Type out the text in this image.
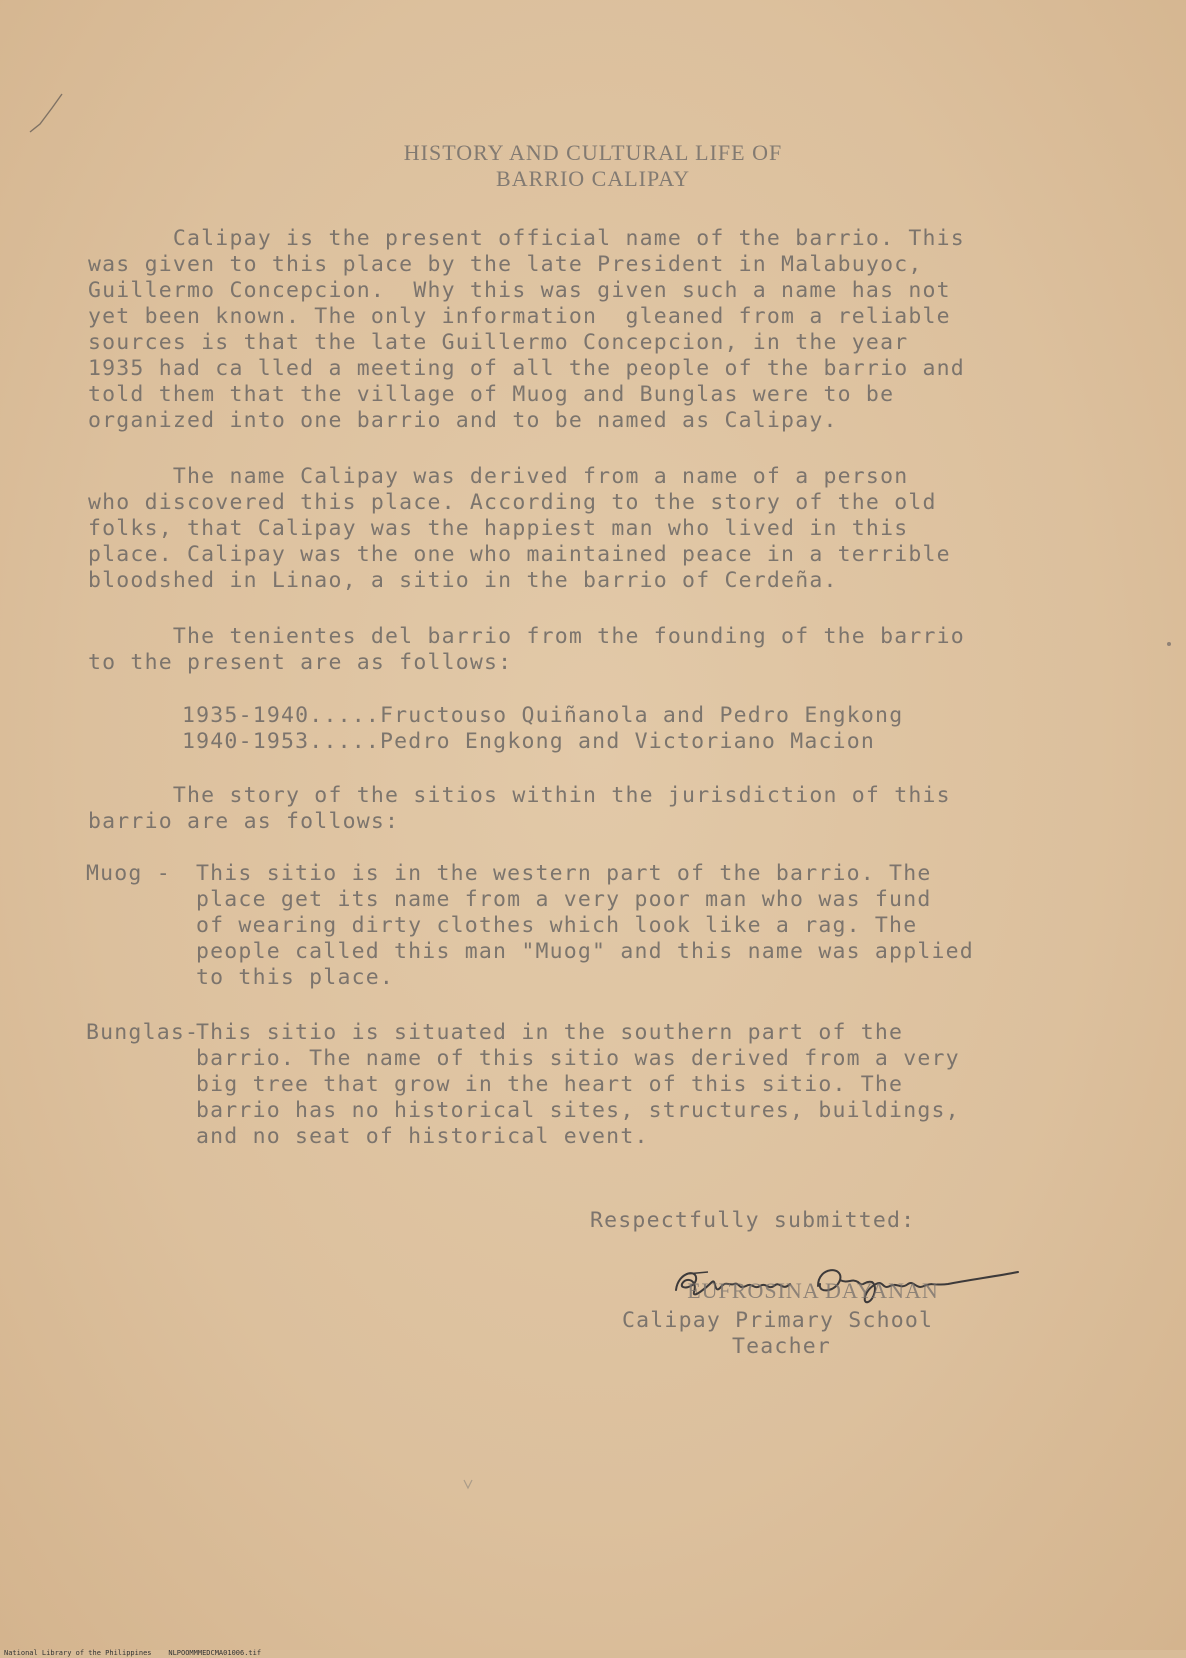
HISTORY AND CULTURAL LIFE OF
BARRIO CALIPAY
Calipay is the present official name of the barrio. This
was given to this place by the late President in Malabuyoc,
Guillermo Concepcion.  Why this was given such a name has not
yet been known. The only information  gleaned from a reliable
sources is that the late Guillermo Concepcion, in the year
1935 had ca lled a meeting of all the people of the barrio and
told them that the village of Muog and Bunglas were to be
organized into one barrio and to be named as Calipay.
The name Calipay was derived from a name of a person
who discovered this place. According to the story of the old
folks, that Calipay was the happiest man who lived in this
place. Calipay was the one who maintained peace in a terrible
bloodshed in Linao, a sitio in the barrio of Cerdeña.
The tenientes del barrio from the founding of the barrio
to the present are as follows:
1935-1940.....Fructouso Quiñanola and Pedro Engkong
1940-1953.....Pedro Engkong and Victoriano Macion
The story of the sitios within the jurisdiction of this
barrio are as follows:
Muog - This sitio is in the western part of the barrio. The
place get its name from a very poor man who was fund
of wearing dirty clothes which look like a rag. The
people called this man "Muog" and this name was applied
to this place.
Bunglas-
This sitio is situated in the southern part of the
barrio. The name of this sitio was derived from a very
big tree that grow in the heart of this sitio. The
barrio has no historical sites, structures, buildings,
and no seat of historical event.
Respectfully submitted:
EUFROSINA DAYANAN
Calipay Primary School
Teacher
National Library of the Philippines    NLPOOMMMEDCMA01006.tif
